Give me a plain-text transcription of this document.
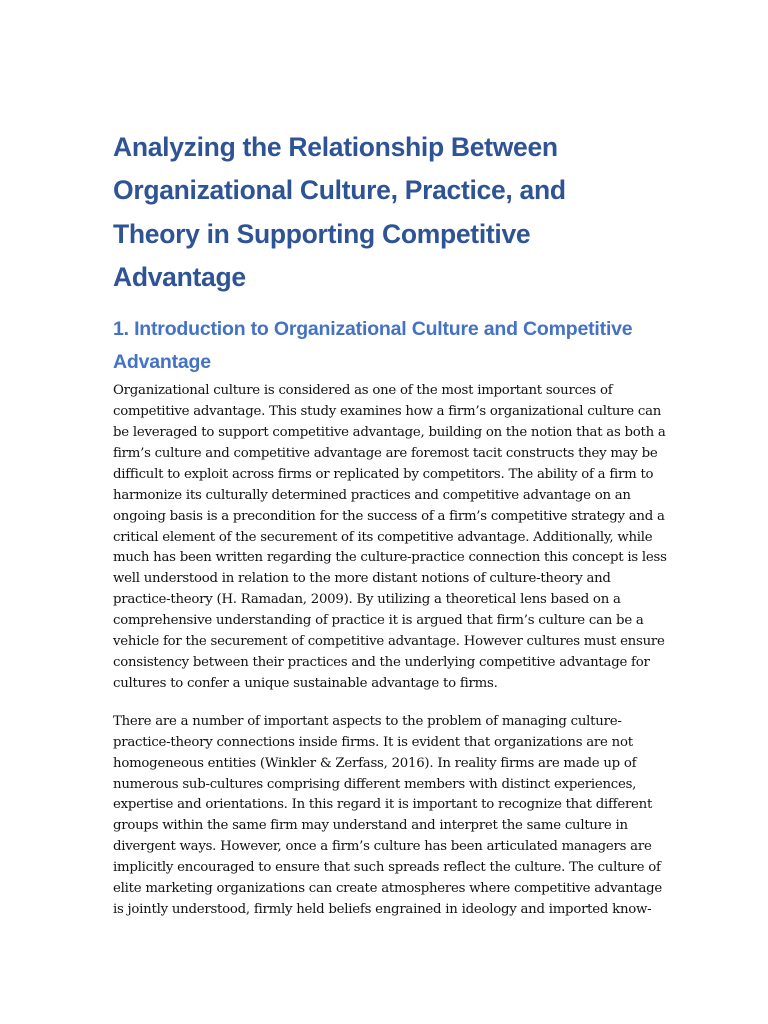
Analyzing the Relationship Between
Organizational Culture, Practice, and
Theory in Supporting Competitive
Advantage
1. Introduction to Organizational Culture and Competitive
Advantage

Organizational culture is considered as one of the most important sources of
competitive advantage. This study examines how a firm’s organizational culture can
be leveraged to support competitive advantage, building on the notion that as both a
firm’s culture and competitive advantage are foremost tacit constructs they may be
difficult to exploit across firms or replicated by competitors. The ability of a firm to
harmonize its culturally determined practices and competitive advantage on an
ongoing basis is a precondition for the success of a firm’s competitive strategy and a
critical element of the securement of its competitive advantage. Additionally, while
much has been written regarding the culture-practice connection this concept is less
well understood in relation to the more distant notions of culture-theory and
practice-theory (H. Ramadan, 2009). By utilizing a theoretical lens based on a
comprehensive understanding of practice it is argued that firm’s culture can be a
vehicle for the securement of competitive advantage. However cultures must ensure
consistency between their practices and the underlying competitive advantage for
cultures to confer a unique sustainable advantage to firms.

There are a number of important aspects to the problem of managing culture-
practice-theory connections inside firms. It is evident that organizations are not
homogeneous entities (Winkler & Zerfass, 2016). In reality firms are made up of
numerous sub-cultures comprising different members with distinct experiences,
expertise and orientations. In this regard it is important to recognize that different
groups within the same firm may understand and interpret the same culture in
divergent ways. However, once a firm’s culture has been articulated managers are
implicitly encouraged to ensure that such spreads reflect the culture. The culture of
elite marketing organizations can create atmospheres where competitive advantage
is jointly understood, firmly held beliefs engrained in ideology and imported know-
